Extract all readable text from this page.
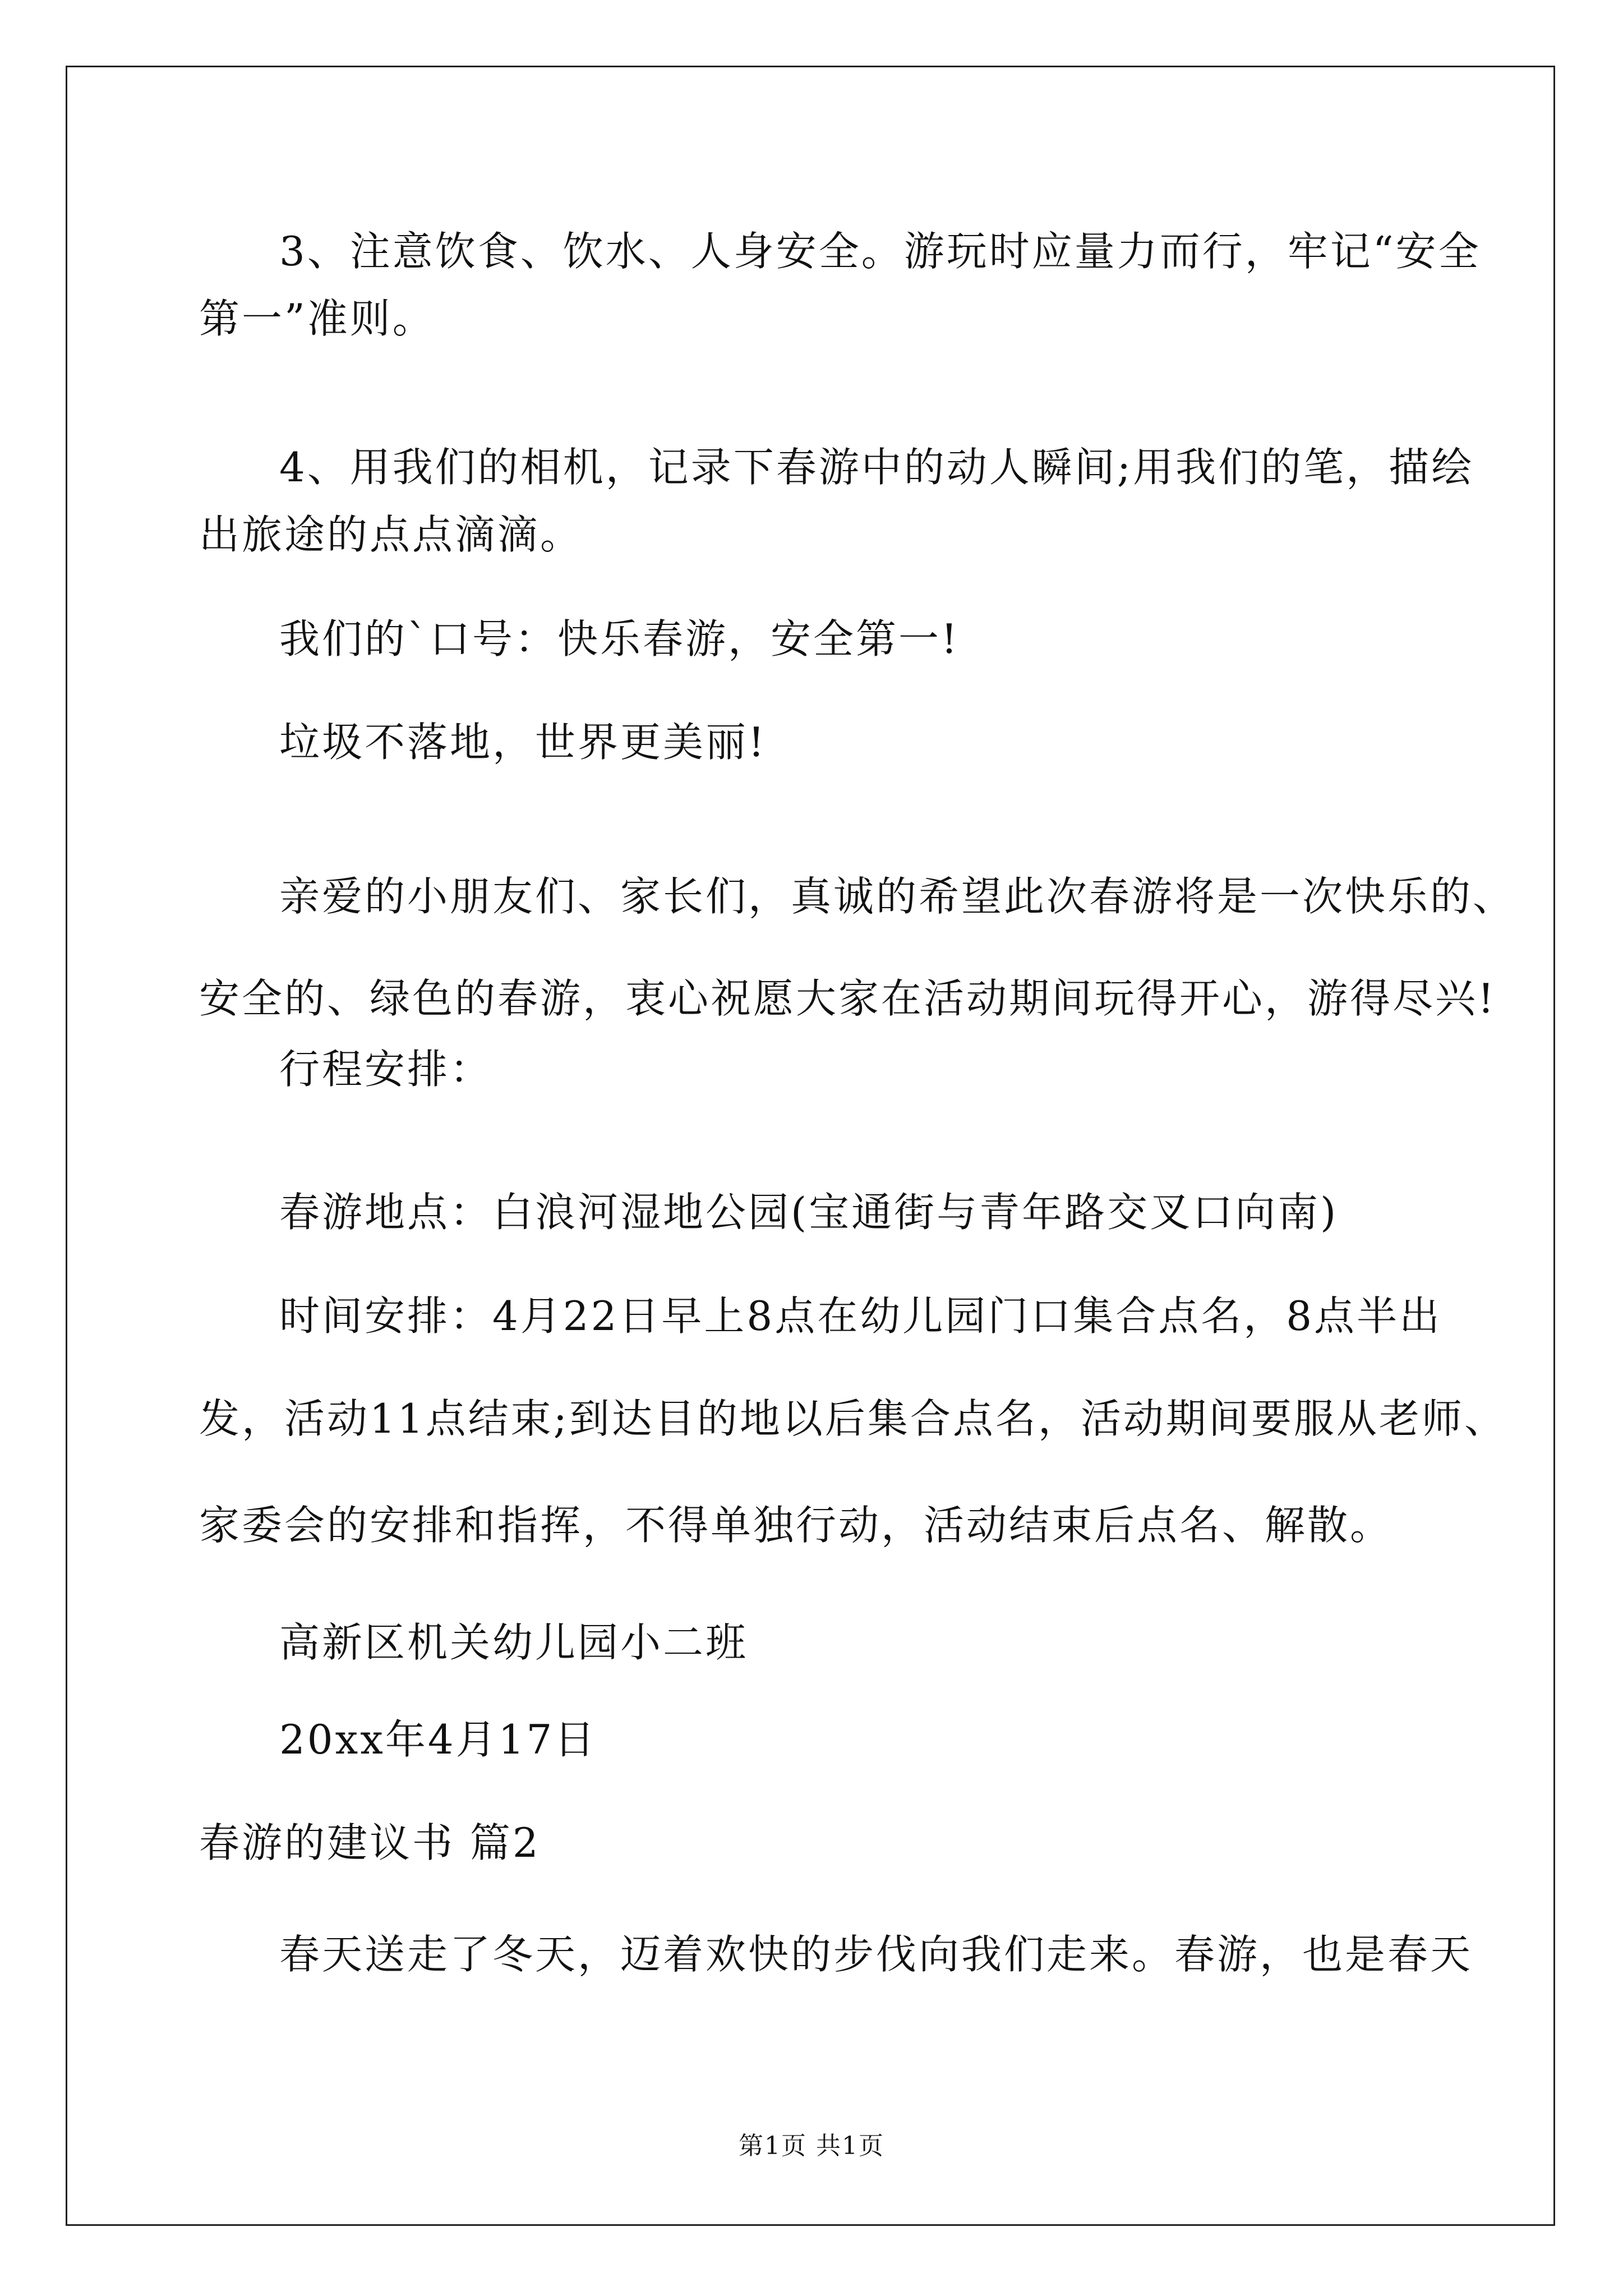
3、注意饮食、饮水、人身安全。游玩时应量力而行，牢记“安全
第一”准则。
4、用我们的相机，记录下春游中的动人瞬间;用我们的笔，描绘
出旅途的点点滴滴。
我们的`口号：快乐春游，安全第一!
垃圾不落地，世界更美丽!
亲爱的小朋友们、家长们，真诚的希望此次春游将是一次快乐的、
安全的、绿色的春游，衷心祝愿大家在活动期间玩得开心，游得尽兴!
行程安排：
春游地点：白浪河湿地公园(宝通街与青年路交叉口向南)
时间安排：4月22日早上8点在幼儿园门口集合点名，8点半出
发，活动11点结束;到达目的地以后集合点名，活动期间要服从老师、
家委会的安排和指挥，不得单独行动，活动结束后点名、解散。
高新区机关幼儿园小二班
20xx年4月17日
春游的建议书 篇2
春天送走了冬天，迈着欢快的步伐向我们走来。春游，也是春天
第1页 共1页
